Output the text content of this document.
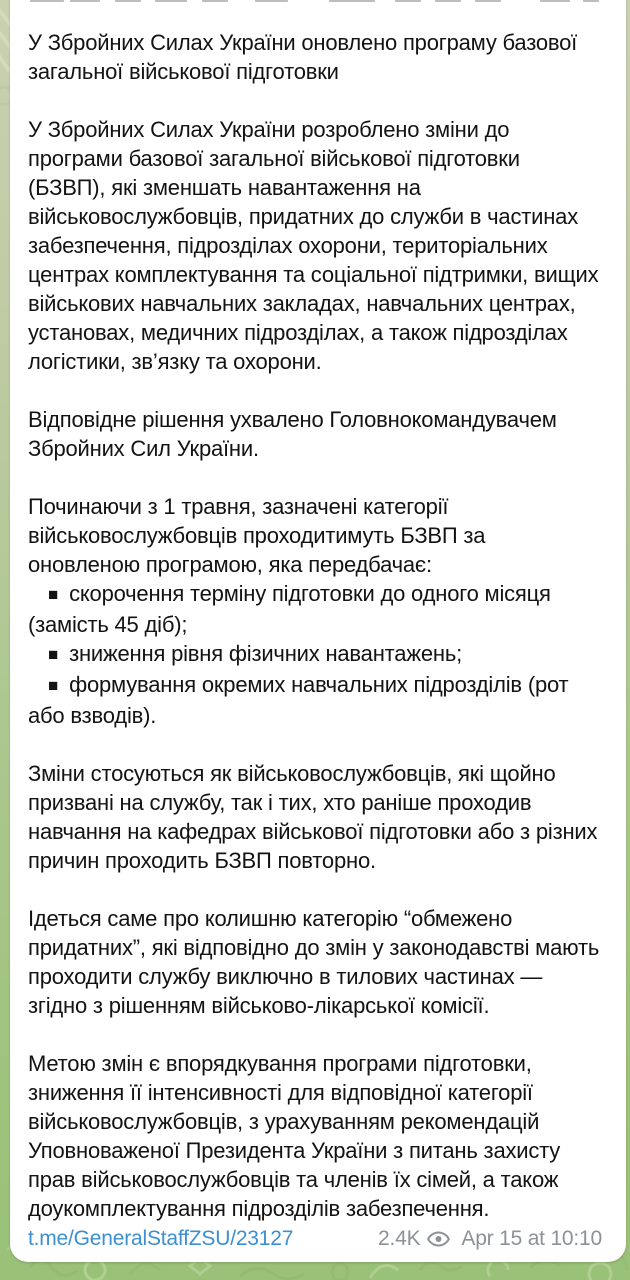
У Збройних Силах України оновлено програму базової загальної військової підготовки

У Збройних Силах України розроблено зміни до програми базової загальної військової підготовки (БЗВП), які зменшать навантаження на військовослужбовців, придатних до служби в частинах забезпечення, підрозділах охорони, територіальних центрах комплектування та соціальної підтримки, вищих військових навчальних закладах, навчальних центрах, установах, медичних підрозділах, а також підрозділах логістики, зв’язку та охорони.

Відповідне рішення ухвалено Головнокомандувачем Збройних Сил України.

Починаючи з 1 травня, зазначені категорії військовослужбовців проходитимуть БЗВП за оновленою програмою, яка передбачає:

■ скорочення терміну підготовки до одного місяця (замість 45 діб);
■ зниження рівня фізичних навантажень;
■ формування окремих навчальних підрозділів (рот або взводів).

Зміни стосуються як військовослужбовців, які щойно призвані на службу, так і тих, хто раніше проходив навчання на кафедрах військової підготовки або з різних причин проходить БЗВП повторно.

Ідеться саме про колишню категорію “обмежено придатних”, які відповідно до змін у законодавстві мають проходити службу виключно в тилових частинах — згідно з рішенням військово-лікарської комісії.

Метою змін є впорядкування програми підготовки, зниження її інтенсивності для відповідної категорії військовослужбовців, з урахуванням рекомендацій Уповноваженої Президента України з питань захисту прав військовослужбовців та членів їх сімей, а також доукомплектування підрозділів забезпечення.

t.me/GeneralStaffZSU/23127	2.4K Apr 15 at 10:10
